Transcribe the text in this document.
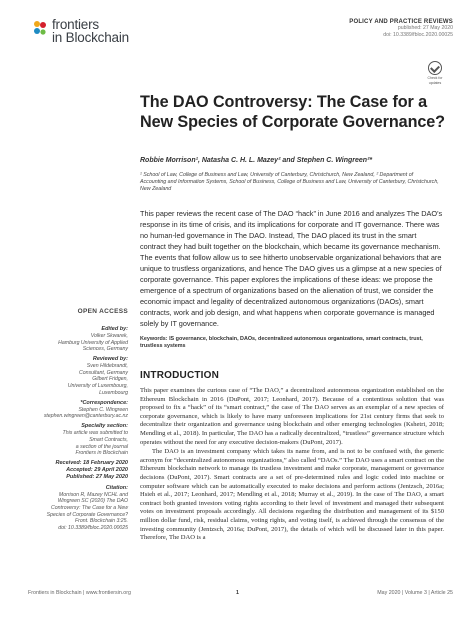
frontiers
in Blockchain
POLICY AND PRACTICE REVIEWS
published: 27 May 2020
doi: 10.3389/fbloc.2020.00025
Check for
updates
The DAO Controversy: The Case for a New Species of Corporate Governance?
Robbie Morrison¹, Natasha C. H. L. Mazey² and Stephen C. Wingreen²*
¹ School of Law, College of Business and Law, University of Canterbury, Christchurch, New Zealand, ² Department of Accounting and Information Systems, School of Business, College of Business and Law, University of Canterbury, Christchurch, New Zealand
This paper reviews the recent case of The DAO “hack” in June 2016 and analyzes The DAO’s response in its time of crisis, and its implications for corporate and IT governance. There was no human-led governance in The DAO. Instead, The DAO placed its trust in the smart contract they had built together on the blockchain, which became its governance mechanism. The events that follow allow us to see hitherto unobservable organizational behaviors that are unique to trustless organizations, and hence The DAO gives us a glimpse at a new species of corporate governance. This paper explores the implications of these ideas: we propose the emergence of a spectrum of organizations based on the alienation of trust, we consider the economic impact and legality of decentralized autonomous organizations (DAOs), smart contracts, work and job design, and what happens when corporate governance is managed solely by IT governance.
Keywords: IS governance, blockchain, DAOs, decentralized autonomous organizations, smart contracts, trust, trustless systems
INTRODUCTION

This paper examines the curious case of “The DAO,” a decentralized autonomous organization established on the Ethereum Blockchain in 2016 (DuPont, 2017; Leonhard, 2017). Because of a contentious solution that was proposed to fix a “hack” of its “smart contract,” the case of The DAO serves as an exemplar of a new species of corporate governance, which is likely to have many unforeseen implications for 21st century firms that seek to decentralize their organization and governance using blockchain and other emerging technologies (Kshetri, 2018; Mendling et al., 2018). In particular, The DAO has a radically decentralized, “trustless” governance structure which operates without the need for any executive decision-makers (DuPont, 2017).

The DAO is an investment company which takes its name from, and is not to be confused with, the generic acronym for “decentralized autonomous organizations,” also called “DAOs.” The DAO uses a smart contract on the Ethereum blockchain network to manage its trustless investment and make corporate, management or governance decisions (DuPont, 2017). Smart contracts are a set of pre-determined rules and logic coded into machine or computer software which can be automatically executed to make decisions and perform actions (Jentzsch, 2016a; Hsieh et al., 2017; Leonhard, 2017; Mendling et al., 2018; Murray et al., 2019). In the case of The DAO, a smart contract both granted investors voting rights according to their level of investment and managed their subsequent votes on investment proposals accordingly. All decisions regarding the distribution and management of its $150 million dollar fund, risk, residual claims, voting rights, and voting itself, is achieved through the consensus of the investing community (Jentzsch, 2016a; DuPont, 2017), the details of which will be discussed later in this paper. Therefore, The DAO is a

OPEN ACCESS
Edited by:
Volker Skwarek,
Hamburg University of Applied
Sciences, Germany
Reviewed by:
Sven Hildebrandt,
Consultant, Germany
Gilbert Fridgen,
University of Luxembourg,
Luxembourg
*Correspondence:
Stephen C. Wingreen
stephen.wingreen@canterbury.ac.nz
Specialty section:
This article was submitted to
Smart Contracts,
a section of the journal
Frontiers in Blockchain
Received: 18 February 2020
Accepted: 29 April 2020
Published: 27 May 2020
Citation:
Morrison R, Mazey NCHL and
Wingreen SC (2020) The DAO
Controversy: The Case for a New
Species of Corporate Governance?
Front. Blockchain 3:25.
doi: 10.3389/fbloc.2020.00025
Frontiers in Blockchain | www.frontiersin.org	1	May 2020 | Volume 3 | Article 25
